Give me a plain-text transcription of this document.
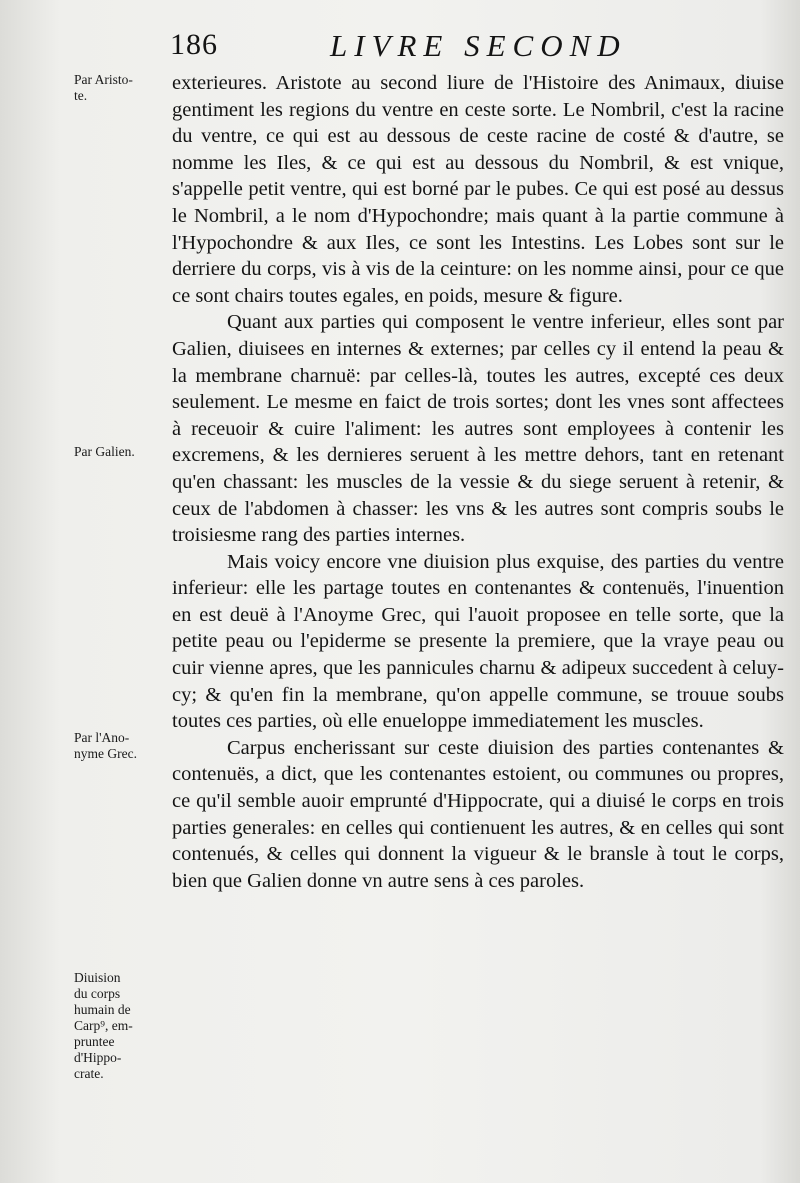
186	LIVRE SECOND
Par Aristo-
te.
Par Galien.
Par l'Ano-
nyme Grec.
Diuision
du corps
humain de
Carp⁹, em-
pruntee
d'Hippo-
crate.

exterieures. Aristote au second liure de l'Histoire des Animaux, diuise gentiment les regions du ventre en ceste sorte. Le Nombril, c'est la racine du ventre, ce qui est au dessous de ceste racine de costé & d'autre, se nomme les Iles, & ce qui est au dessous du Nombril, & est vnique, s'appelle petit ventre, qui est borné par le pubes. Ce qui est posé au dessus le Nombril, a le nom d'Hypochondre; mais quant à la partie commune à l'Hypochondre & aux Iles, ce sont les Intestins. Les Lobes sont sur le derriere du corps, vis à vis de la ceinture: on les nomme ainsi, pour ce que ce sont chairs toutes egales, en poids, mesure & figure.

Quant aux parties qui composent le ventre inferieur, elles sont par Galien, diuisees en internes & externes; par celles cy il entend la peau & la membrane charnuë: par celles-là, toutes les autres, excepté ces deux seulement. Le mesme en faict de trois sortes; dont les vnes sont affectees à receuoir & cuire l'aliment: les autres sont employees à contenir les excremens, & les dernieres seruent à les mettre dehors, tant en retenant qu'en chassant: les muscles de la vessie & du siege seruent à retenir, & ceux de l'abdomen à chasser: les vns & les autres sont compris soubs le troisiesme rang des parties internes.

Mais voicy encore vne diuision plus exquise, des parties du ventre inferieur: elle les partage toutes en contenantes & contenuës, l'inuention en est deuë à l'Anoyme Grec, qui l'auoit proposee en telle sorte, que la petite peau ou l'epiderme se presente la premiere, que la vraye peau ou cuir vienne apres, que les pannicules charnu & adipeux succedent à celuy-cy; & qu'en fin la membrane, qu'on appelle commune, se trouue soubs toutes ces parties, où elle enueloppe immediatement les muscles.

Carpus encherissant sur ceste diuision des parties contenantes & contenuës, a dict, que les contenantes estoient, ou communes ou propres, ce qu'il semble auoir emprunté d'Hippocrate, qui a diuisé le corps en trois parties generales: en celles qui contienuent les autres, & en celles qui sont contenués, & celles qui donnent la vigueur & le bransle à tout le corps, bien que Galien donne vn autre sens à ces paroles.
